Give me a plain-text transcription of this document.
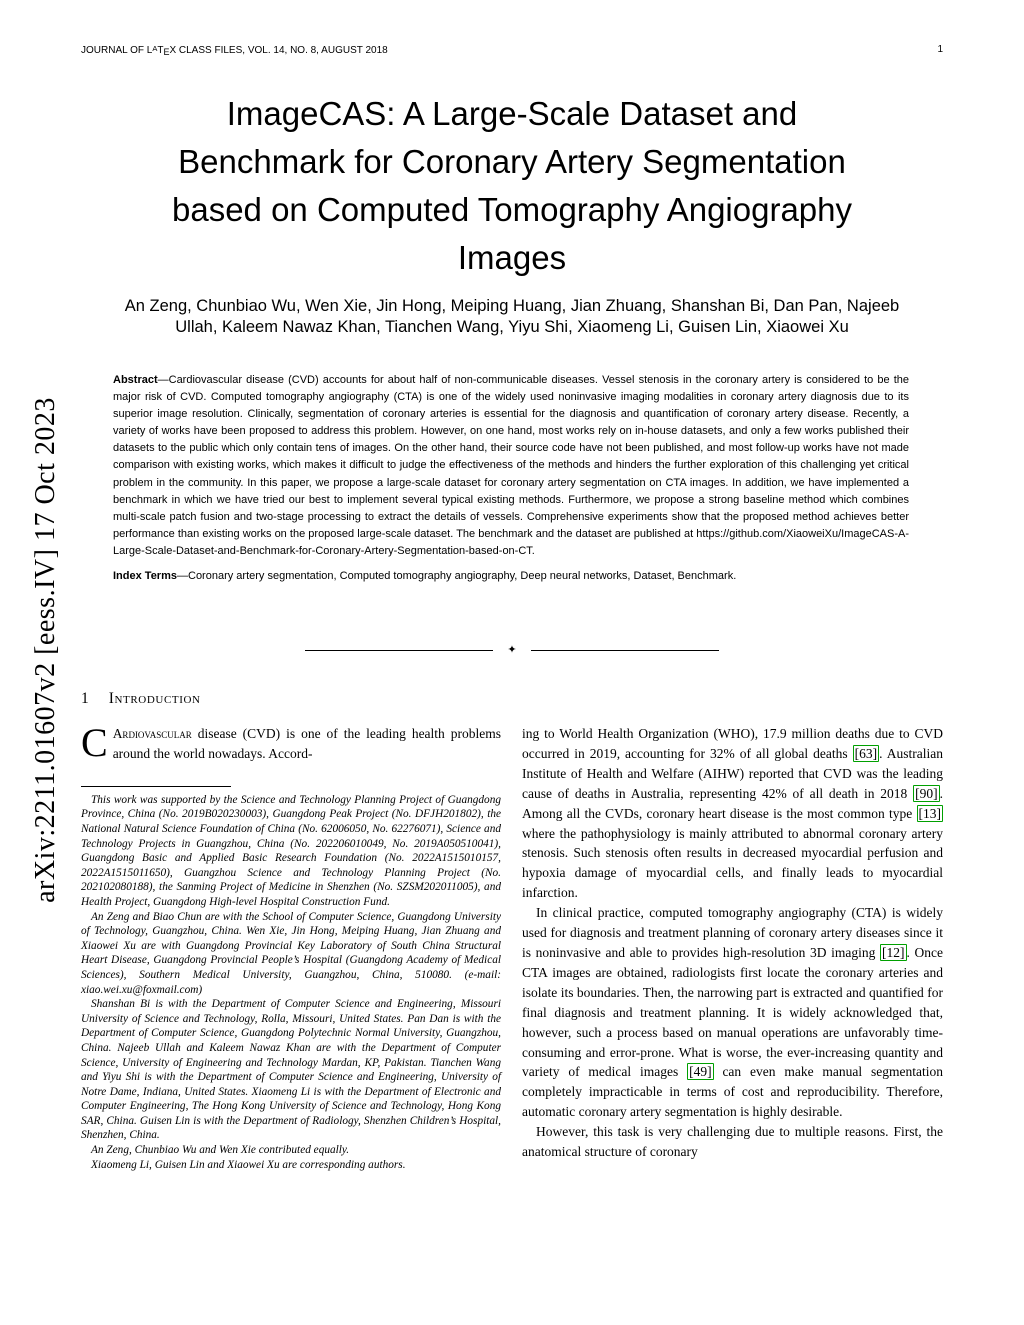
JOURNAL OF $L^ATEX$ CLASS FILES, VOL. 14, NO. 8, AUGUST 2018	1
arXiv:2211.01607v2 [eess.IV] 17 Oct 2023
ImageCAS: A Large-Scale Dataset and
Benchmark for Coronary Artery Segmentation
based on Computed Tomography Angiography
Images
An Zeng, Chunbiao Wu, Wen Xie, Jin Hong, Meiping Huang, Jian Zhuang, Shanshan Bi, Dan Pan, Najeeb
Ullah, Kaleem Nawaz Khan, Tianchen Wang, Yiyu Shi, Xiaomeng Li, Guisen Lin, Xiaowei Xu
Abstract—Cardiovascular disease (CVD) accounts for about half of non-communicable diseases. Vessel stenosis in the coronary artery is considered to be the major risk of CVD. Computed tomography angiography (CTA) is one of the widely used noninvasive imaging modalities in coronary artery diagnosis due to its superior image resolution. Clinically, segmentation of coronary arteries is essential for the diagnosis and quantification of coronary artery disease. Recently, a variety of works have been proposed to address this problem. However, on one hand, most works rely on in-house datasets, and only a few works published their datasets to the public which only contain tens of images. On the other hand, their source code have not been published, and most follow-up works have not made comparison with existing works, which makes it difficult to judge the effectiveness of the methods and hinders the further exploration of this challenging yet critical problem in the community. In this paper, we propose a large-scale dataset for coronary artery segmentation on CTA images. In addition, we have implemented a benchmark in which we have tried our best to implement several typical existing methods. Furthermore, we propose a strong baseline method which combines multi-scale patch fusion and two-stage processing to extract the details of vessels. Comprehensive experiments show that the proposed method achieves better performance than existing works on the proposed large-scale dataset. The benchmark and the dataset are published at https://github.com/XiaoweiXu/ImageCAS-A-Large-Scale-Dataset-and-Benchmark-for-Coronary-Artery-Segmentation-based-on-CT.
Index Terms—Coronary artery segmentation, Computed tomography angiography, Deep neural networks, Dataset, Benchmark.
✦
1 Introduction
C Ardiovascular disease (CVD) is one of the leading health problems around the world nowadays. Accord-

This work was supported by the Science and Technology Planning Project of Guangdong Province, China (No. 2019B020230003), Guangdong Peak Project (No. DFJH201802), the National Natural Science Foundation of China (No. 62006050, No. 62276071), Science and Technology Projects in Guangzhou, China (No. 202206010049, No. 2019A050510041), Guangdong Basic and Applied Basic Research Foundation (No. 2022A1515010157, 2022A1515011650), Guangzhou Science and Technology Planning Project (No. 202102080188), the Sanming Project of Medicine in Shenzhen (No. SZSM202011005), and Health Project, Guangdong High-level Hospital Construction Fund.

An Zeng and Biao Chun are with the School of Computer Science, Guangdong University of Technology, Guangzhou, China. Wen Xie, Jin Hong, Meiping Huang, Jian Zhuang and Xiaowei Xu are with Guangdong Provincial Key Laboratory of South China Structural Heart Disease, Guangdong Provincial People’s Hospital (Guangdong Academy of Medical Sciences), Southern Medical University, Guangzhou, China, 510080. (e-mail: xiao.wei.xu@foxmail.com)

Shanshan Bi is with the Department of Computer Science and Engineering, Missouri University of Science and Technology, Rolla, Missouri, United States. Pan Dan is with the Department of Computer Science, Guangdong Polytechnic Normal University, Guangzhou, China. Najeeb Ullah and Kaleem Nawaz Khan are with the Department of Computer Science, University of Engineering and Technology Mardan, KP, Pakistan. Tianchen Wang and Yiyu Shi is with the Department of Computer Science and Engineering, University of Notre Dame, Indiana, United States. Xiaomeng Li is with the Department of Electronic and Computer Engineering, The Hong Kong University of Science and Technology, Hong Kong SAR, China. Guisen Lin is with the Department of Radiology, Shenzhen Children’s Hospital, Shenzhen, China.

An Zeng, Chunbiao Wu and Wen Xie contributed equally.

Xiaomeng Li, Guisen Lin and Xiaowei Xu are corresponding authors.

ing to World Health Organization (WHO), 17.9 million deaths due to CVD occurred in 2019, accounting for 32% of all global deaths [63] . Australian Institute of Health and Welfare (AIHW) reported that CVD was the leading cause of deaths in Australia, representing 42% of all death in 2018 [90] . Among all the CVDs, coronary heart disease is the most common type [13] where the pathophysiology is mainly attributed to abnormal coronary artery stenosis. Such stenosis often results in decreased myocardial perfusion and hypoxia damage of myocardial cells, and finally leads to myocardial infarction.
In clinical practice, computed tomography angiography (CTA) is widely used for diagnosis and treatment planning of coronary artery diseases since it is noninvasive and able to provides high-resolution 3D imaging [12] . Once CTA images are obtained, radiologists first locate the coronary arteries and isolate its boundaries. Then, the narrowing part is extracted and quantified for final diagnosis and treatment planning. It is widely acknowledged that, however, such a process based on manual operations are unfavorably time-consuming and error-prone. What is worse, the ever-increasing quantity and variety of medical images [49] can even make manual segmentation completely impracticable in terms of cost and reproducibility. Therefore, automatic coronary artery segmentation is highly desirable.
However, this task is very challenging due to multiple reasons. First, the anatomical structure of coronary
